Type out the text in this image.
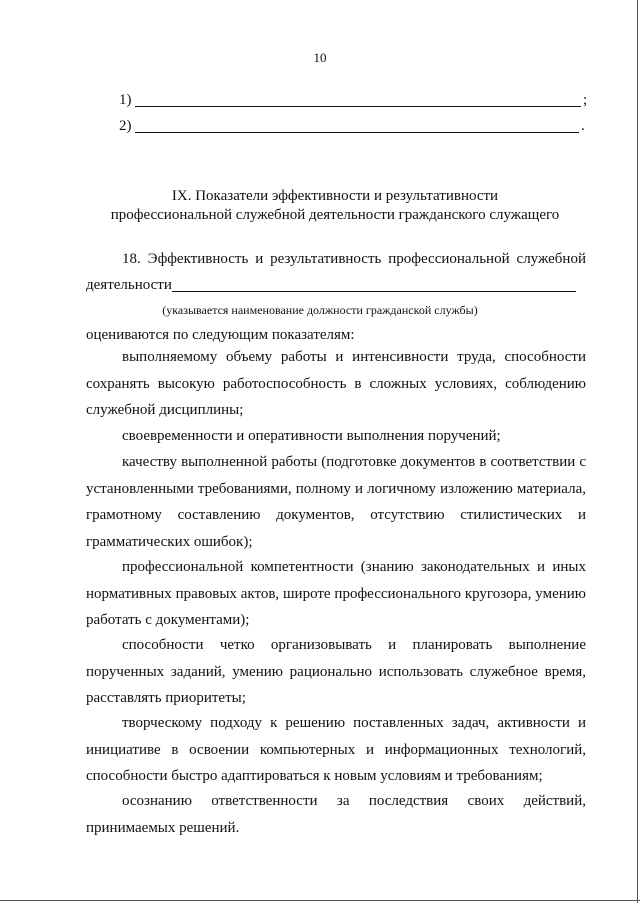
10
1)	;
2)	.
IX. Показатели эффективности и результативности
профессиональной служебной деятельности гражданского служащего
18. Эффективность и результативность профессиональной служебной
деятельности
(указывается наименование должности гражданской службы)

оцениваются по следующим показателям:

выполняемому объему работы и интенсивности труда, способности сохранять высокую работоспособность в сложных условиях, соблюдению служебной дисциплины;

своевременности и оперативности выполнения поручений;

качеству выполненной работы (подготовке документов в соответствии с установленными требованиями, полному и логичному изложению материала, грамотному составлению документов, отсутствию стилистических и грамматических ошибок);

профессиональной компетентности (знанию законодательных и иных нормативных правовых актов, широте профессионального кругозора, умению работать с документами);

способности четко организовывать и планировать выполнение порученных заданий, умению рационально использовать служебное время, расставлять приоритеты;

творческому подходу к решению поставленных задач, активности и инициативе в освоении компьютерных и информационных технологий, способности быстро адаптироваться к новым условиям и требованиям;

осознанию ответственности за последствия своих действий, принимаемых решений.
